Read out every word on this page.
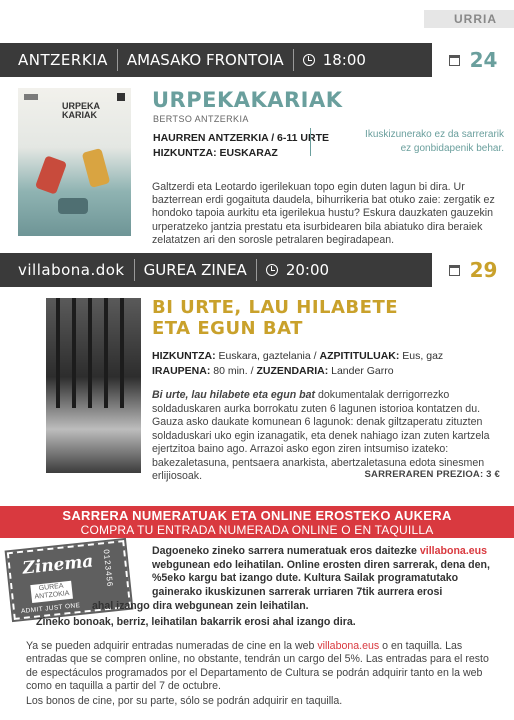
URRIA
ANTZERKIA AMASAKO FRONTOIA	18:00	24
URPEKAKARIAK
URPEKAKARIAK
BERTSO ANTZERKIA
HAURREN ANTZERKIA / 6-11 URTE
HIZKUNTZA: EUSKARAZ
Ikuskizunerako ez da sarrerarik
ez gonbidapenik behar.
Galtzerdi eta Leotardo igerilekuan topo egin duten lagun bi dira. Ur bazterrean erdi gogaituta daudela, bihurrikeria bat otuko zaie: zergatik ez hondoko tapoia aurkitu eta igerilekua hustu? Eskura dauzkaten gauzekin urperatzeko jantzia prestatu eta isurbidearen bila abiatuko dira beraiek zelatatzen ari den sorosle petralaren begiradapean.
villabona.dok GUREA ZINEA	20:00	29
BI URTE, LAU HILABETE
ETA EGUN BAT
HIZKUNTZA: Euskara, gaztelania / AZPITITULUAK: Eus, gaz
IRAUPENA: 80 min. / ZUZENDARIA: Lander Garro
Bi urte, lau hilabete eta egun bat dokumentalak derrigorrezko soldaduskaren aurka borrokatu zuten 6 lagunen istorioa kontatzen du. Gauza asko daukate komunean 6 lagunok: denak giltzaperatu zituzten soldaduskari uko egin izanagatik, eta denek nahiago izan zuten kartzela ejertzitoa baino ago. Arrazoi asko egon ziren intsumiso izateko: bakezaletasuna, pentsaera anarkista, abertzaletasuna edota sinesmen erlijiosoak.	SARRERAREN PREZIOA: 3 €
SARRERA NUMERATUAK ETA ONLINE EROSTEKO AUKERA
COMPRA TU ENTRADA NUMERADA ONLINE O EN TAQUILLA
Zinema
GUREA
ANTZOKIA
ADMIT JUST ONE
0123456	Dagoeneko zineko sarrera numeratuak eros daitezke villabona.eus webgunean edo leihatilan. Online erosten diren sarrerak, dena den, %5eko kargu bat izango dute. Kultura Sailak programatutako gainerako ikuskizunen sarrerak urriaren 7tik aurrera erosi
ahal izango dira webgunean zein leihatilan.
Zineko bonoak, berriz, leihatilan bakarrik erosi ahal izango dira.
Ya se pueden adquirir entradas numeradas de cine en la web villabona.eus o en taquilla. Las entradas que se compren online, no obstante, tendrán un cargo del 5%. Las entradas para el resto de espectáculos programados por el Departamento de Cultura se podrán adquirir tanto en la web como en taquilla a partir del 7 de octubre.
Los bonos de cine, por su parte, sólo se podrán adquirir en taquilla.
